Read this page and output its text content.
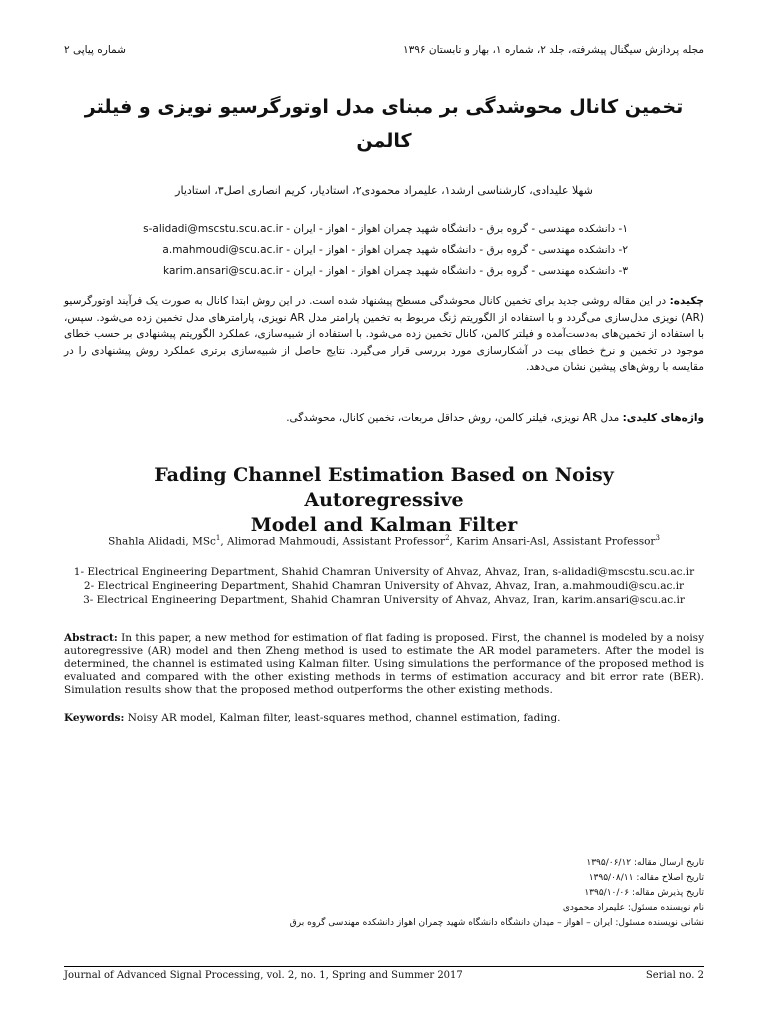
مجله پردازش سیگنال پیشرفته، جلد ۲، شماره ۱، بهار و تابستان ۱۳۹۶
شماره پیاپی ۲
تخمین کانال محوشدگی بر مبنای مدل اوتورگرسیو نویزی و فیلتر
کالمن
شهلا علیدادی، کارشناسی ارشد۱، علیمراد محمودی۲، استادیار، کریم انصاری اصل۳، استادیار
۱- دانشکده مهندسی - گروه برق - دانشگاه شهید چمران اهواز - اهواز - ایران - s-alidadi@mscstu.scu.ac.ir
۲- دانشکده مهندسی - گروه برق - دانشگاه شهید چمران اهواز - اهواز - ایران - a.mahmoudi@scu.ac.ir
۳- دانشکده مهندسی - گروه برق - دانشگاه شهید چمران اهواز - اهواز - ایران - karim.ansari@scu.ac.ir
چکیده: در این مقاله روشی جدید برای تخمین کانال محوشدگی مسطح پیشنهاد شده است. در این روش ابتدا کانال به صورت یک فرآیند اوتورگرسیو (AR) نویزی مدل‌سازی می‌گردد و با استفاده از الگوریتم ژنگ مربوط به تخمین پارامتر مدل AR نویزی، پارامترهای مدل تخمین زده می‌شود. سپس، با استفاده از تخمین‌های به‌دست‌آمده و فیلتر کالمن، کانال تخمین زده می‌شود. با استفاده از شبیه‌سازی، عملکرد الگوریتم پیشنهادی بر حسب خطای موجود در تخمین و نرخ خطای بیت در آشکارسازی مورد بررسی قرار می‌گیرد. نتایج حاصل از شبیه‌سازی برتری عملکرد روش پیشنهادی را در مقایسه با روش‌های پیشین نشان می‌دهد.
واژه‌های کلیدی: مدل AR نویزی، فیلتر کالمن، روش حداقل مربعات، تخمین کانال، محوشدگی.
Fading Channel Estimation Based on Noisy Autoregressive
Model and Kalman Filter
Shahla Alidadi, MSc$^1$, Alimorad Mahmoudi, Assistant Professor$^2$, Karim Ansari-Asl, Assistant Professor$^3$
1- Electrical Engineering Department, Shahid Chamran University of Ahvaz, Ahvaz, Iran, s-alidadi@mscstu.scu.ac.ir
2- Electrical Engineering Department, Shahid Chamran University of Ahvaz, Ahvaz, Iran, a.mahmoudi@scu.ac.ir
3- Electrical Engineering Department, Shahid Chamran University of Ahvaz, Ahvaz, Iran, karim.ansari@scu.ac.ir
Abstract: In this paper, a new method for estimation of flat fading is proposed. First, the channel is modeled by a noisy autoregressive (AR) model and then Zheng method is used to estimate the AR model parameters. After the model is determined, the channel is estimated using Kalman filter. Using simulations the performance of the proposed method is evaluated and compared with the other existing methods in terms of estimation accuracy and bit error rate (BER). Simulation results show that the proposed method outperforms the other existing methods.
Keywords: Noisy AR model, Kalman filter, least-squares method, channel estimation, fading.
تاریخ ارسال مقاله: ۱۳۹۵/۰۶/۱۲
تاریخ اصلاح مقاله: ۱۳۹۵/۰۸/۱۱
تاریخ پذیرش مقاله: ۱۳۹۵/۱۰/۰۶
نام نویسنده مسئول: علیمراد محمودی
نشانی نویسنده مسئول: ایران – اهواز – میدان دانشگاه دانشگاه شهید چمران اهواز دانشکده مهندسی گروه برق
Journal of Advanced Signal Processing, vol. 2, no. 1, Spring and Summer 2017	Serial no. 2
